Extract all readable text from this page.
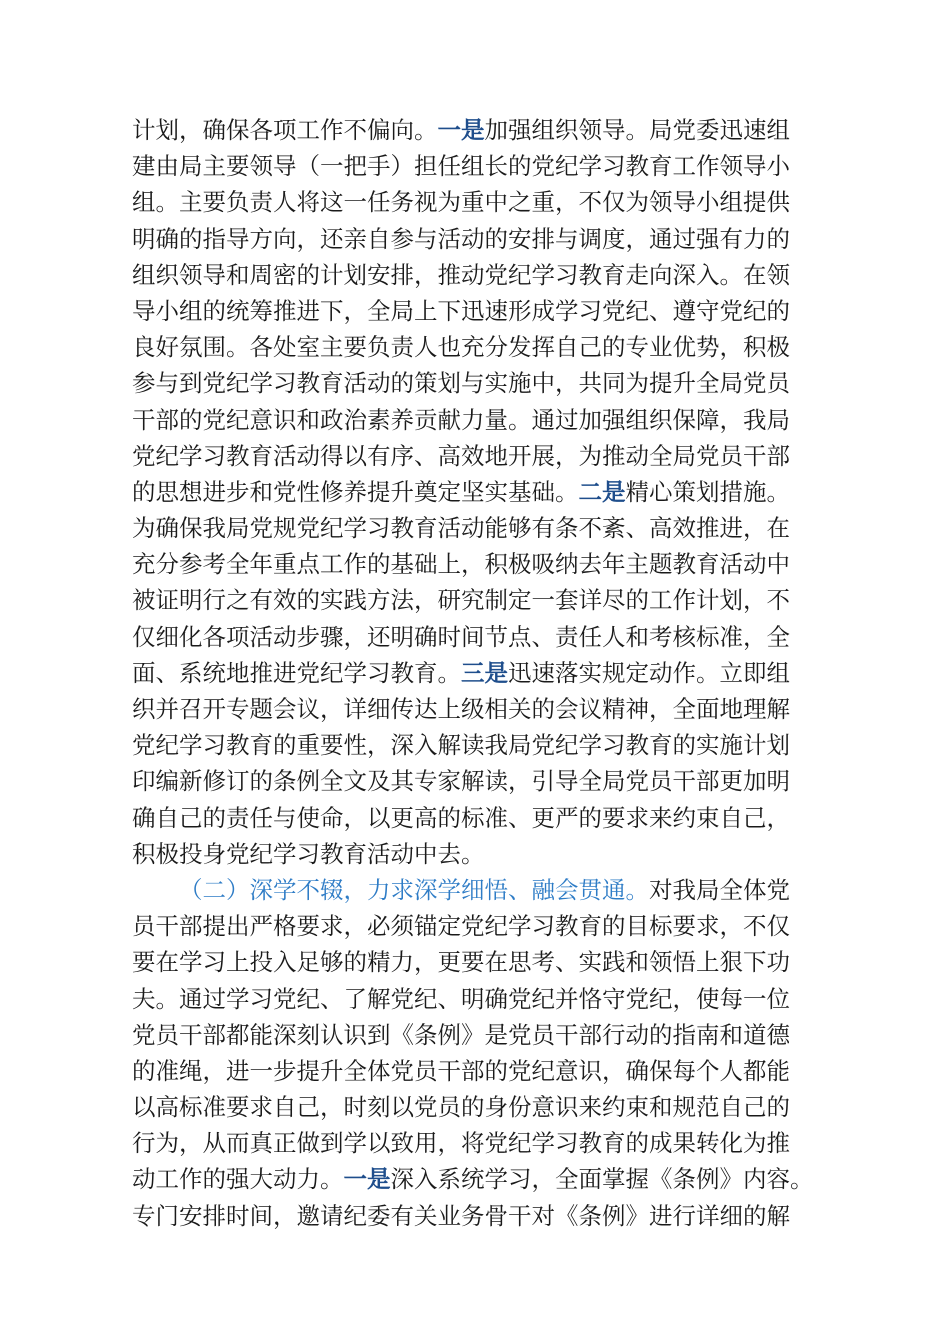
计划，确保各项工作不偏向。一是加强组织领导。局党委迅速组
建由局主要领导（一把手）担任组长的党纪学习教育工作领导小
组。主要负责人将这一任务视为重中之重，不仅为领导小组提供
明确的指导方向，还亲自参与活动的安排与调度，通过强有力的
组织领导和周密的计划安排，推动党纪学习教育走向深入。在领
导小组的统筹推进下，全局上下迅速形成学习党纪、遵守党纪的
良好氛围。各处室主要负责人也充分发挥自己的专业优势，积极
参与到党纪学习教育活动的策划与实施中，共同为提升全局党员
干部的党纪意识和政治素养贡献力量。通过加强组织保障，我局
党纪学习教育活动得以有序、高效地开展，为推动全局党员干部
的思想进步和党性修养提升奠定坚实基础。二是精心策划措施。
为确保我局党规党纪学习教育活动能够有条不紊、高效推进，在
充分参考全年重点工作的基础上，积极吸纳去年主题教育活动中
被证明行之有效的实践方法，研究制定一套详尽的工作计划，不
仅细化各项活动步骤，还明确时间节点、责任人和考核标准，全
面、系统地推进党纪学习教育。三是迅速落实规定动作。立即组
织并召开专题会议，详细传达上级相关的会议精神，全面地理解
党纪学习教育的重要性，深入解读我局党纪学习教育的实施计划
印编新修订的条例全文及其专家解读，引导全局党员干部更加明
确自己的责任与使命，以更高的标准、更严的要求来约束自己，
积极投身党纪学习教育活动中去。
（二）深学不辍，力求深学细悟、融会贯通。对我局全体党
员干部提出严格要求，必须锚定党纪学习教育的目标要求，不仅
要在学习上投入足够的精力，更要在思考、实践和领悟上狠下功
夫。通过学习党纪、了解党纪、明确党纪并恪守党纪，使每一位
党员干部都能深刻认识到《条例》是党员干部行动的指南和道德
的准绳，进一步提升全体党员干部的党纪意识，确保每个人都能
以高标准要求自己，时刻以党员的身份意识来约束和规范自己的
行为，从而真正做到学以致用，将党纪学习教育的成果转化为推
动工作的强大动力。一是深入系统学习，全面掌握《条例》内容。
专门安排时间，邀请纪委有关业务骨干对《条例》进行详细的解
